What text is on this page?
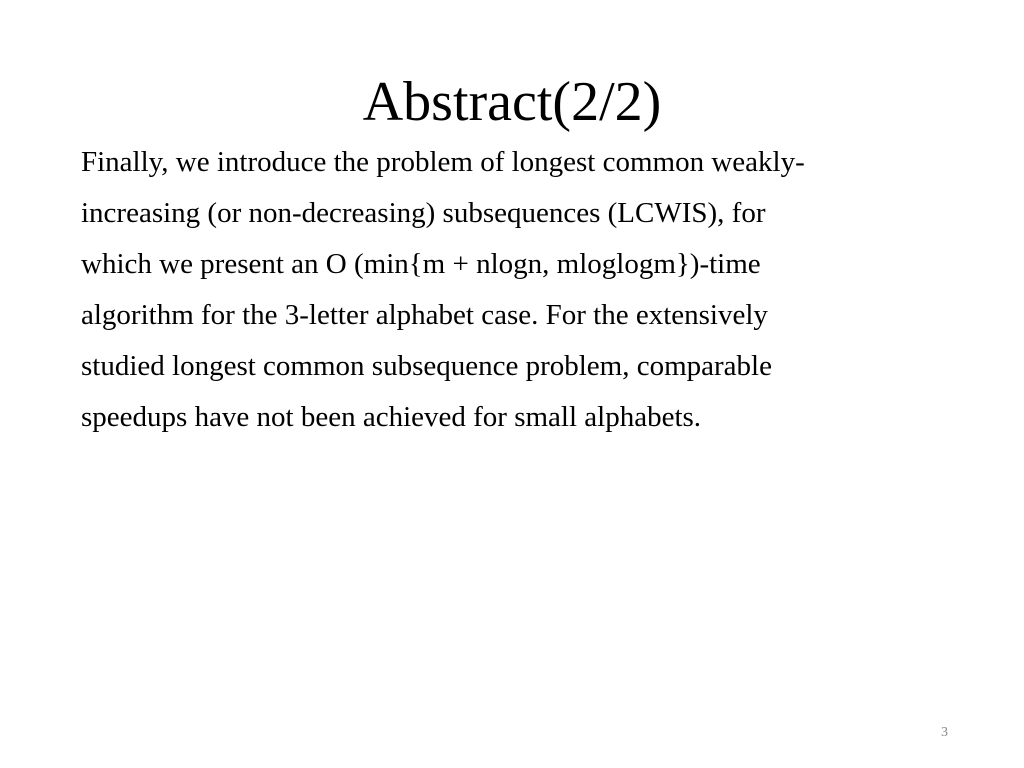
Abstract(2/2)

Finally, we introduce the problem of longest common weakly-
increasing (or non-decreasing) subsequences (LCWIS), for
which we present an O (min{m + nlogn, mloglogm})-time
algorithm for the 3-letter alphabet case. For the extensively
studied longest common subsequence problem, comparable
speedups have not been achieved for small alphabets.

3
